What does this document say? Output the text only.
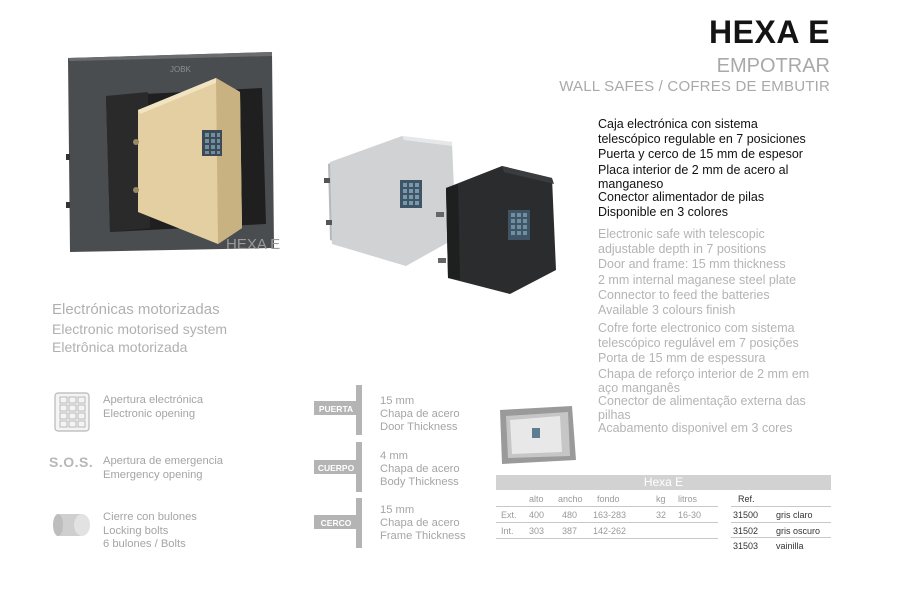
HEXA E
EMPOTRAR
WALL SAFES / COFRES DE EMBUTIR
JOBK
HEXA E
Caja electrónica con sistema
telescópico regulable en 7 posiciones
Puerta y cerco de 15 mm de espesor
Placa interior de 2 mm de acero al
manganeso
Conector alimentador de pilas
Disponible en 3 colores
Electronic safe with telescopic
adjustable depth in 7 positions
Door and frame: 15 mm thickness
2 mm internal maganese steel plate
Connector to feed the batteries
Available 3 colours finish
Cofre forte electronico com sistema
telescópico regulável em 7 posições
Porta de 15 mm de espessura
Chapa de reforço interior de 2 mm em
aço manganês
Conector de alimentação externa das
pilhas
Acabamento disponivel em 3 cores
Electrónicas motorizadas
Electronic motorised system
Eletrônica motorizada
Apertura electrónica
Electronic opening
S.O.S. Apertura de emergencia
Emergency opening
Cierre con bulones
Locking bolts
6 bulones / Bolts
PUERTA
15 mm
Chapa de acero
Door Thickness
CUERPO
4 mm
Chapa de acero
Body Thickness
CERCO
15 mm
Chapa de acero
Frame Thickness
Hexa E
alto ancho fondo	kg litros	Ref.
Ext. 400 480 163-283	32 16-30
Int. 303 387 142-262
31500 gris claro
31502 gris oscuro
31503 vainilla
